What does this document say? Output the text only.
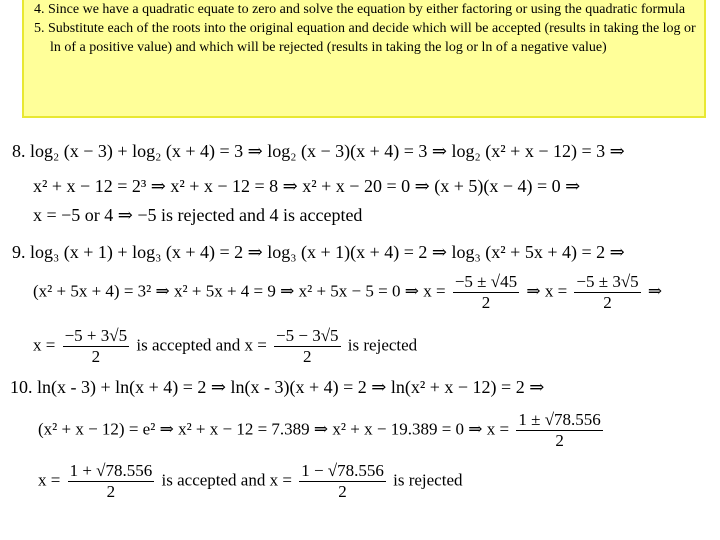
4. Since we have a quadratic equate to zero and solve the equation by either factoring or using the quadratic formula
5. Substitute each of the roots into the original equation and decide which will be accepted (results in taking the log or ln of a positive value) and which will be rejected (results in taking the log or ln of a negative value)
8. log₂ (x − 3) + log₂ (x + 4) = 3 ⇒ log₂ (x − 3)(x + 4) = 3 ⇒ log₂ (x² + x − 12) = 3 ⇒
x² + x − 12 = 2³ ⇒ x² + x − 12 = 8 ⇒ x² + x − 20 = 0 ⇒ (x + 5)(x − 4) = 0 ⇒
x = −5 or 4 ⇒ −5 is rejected and 4 is accepted
9. log₃ (x + 1) + log₃ (x + 4) = 2 ⇒ log₃ (x + 1)(x + 4) = 2 ⇒ log₃ (x² + 5x + 4) = 2 ⇒
(x² + 5x + 4) = 3² ⇒ x² + 5x + 4 = 9 ⇒ x² + 5x − 5 = 0 ⇒ $x = \frac{-5 \pm √45}{2}$ ⇒ $x = \frac{-5 \pm 3√5}{2}$ ⇒
$x = \frac{-5 + 3√5}{2}$ is accepted and $x = \frac{-5 - 3√5}{2}$ is rejected
10. ln(x - 3) + ln(x + 4) = 2 ⇒ ln(x - 3)(x + 4) = 2 ⇒ ln(x² + x − 12) = 2 ⇒
(x² + x − 12) = e² ⇒ x² + x − 12 = 7.389 ⇒ x² + x − 19.389 = 0 ⇒ $x = \frac{1 \pm √78.556}{2}$
$x = \frac{1 + √78.556}{2}$ is accepted and $x = \frac{1 - √78.556}{2}$ is rejected
